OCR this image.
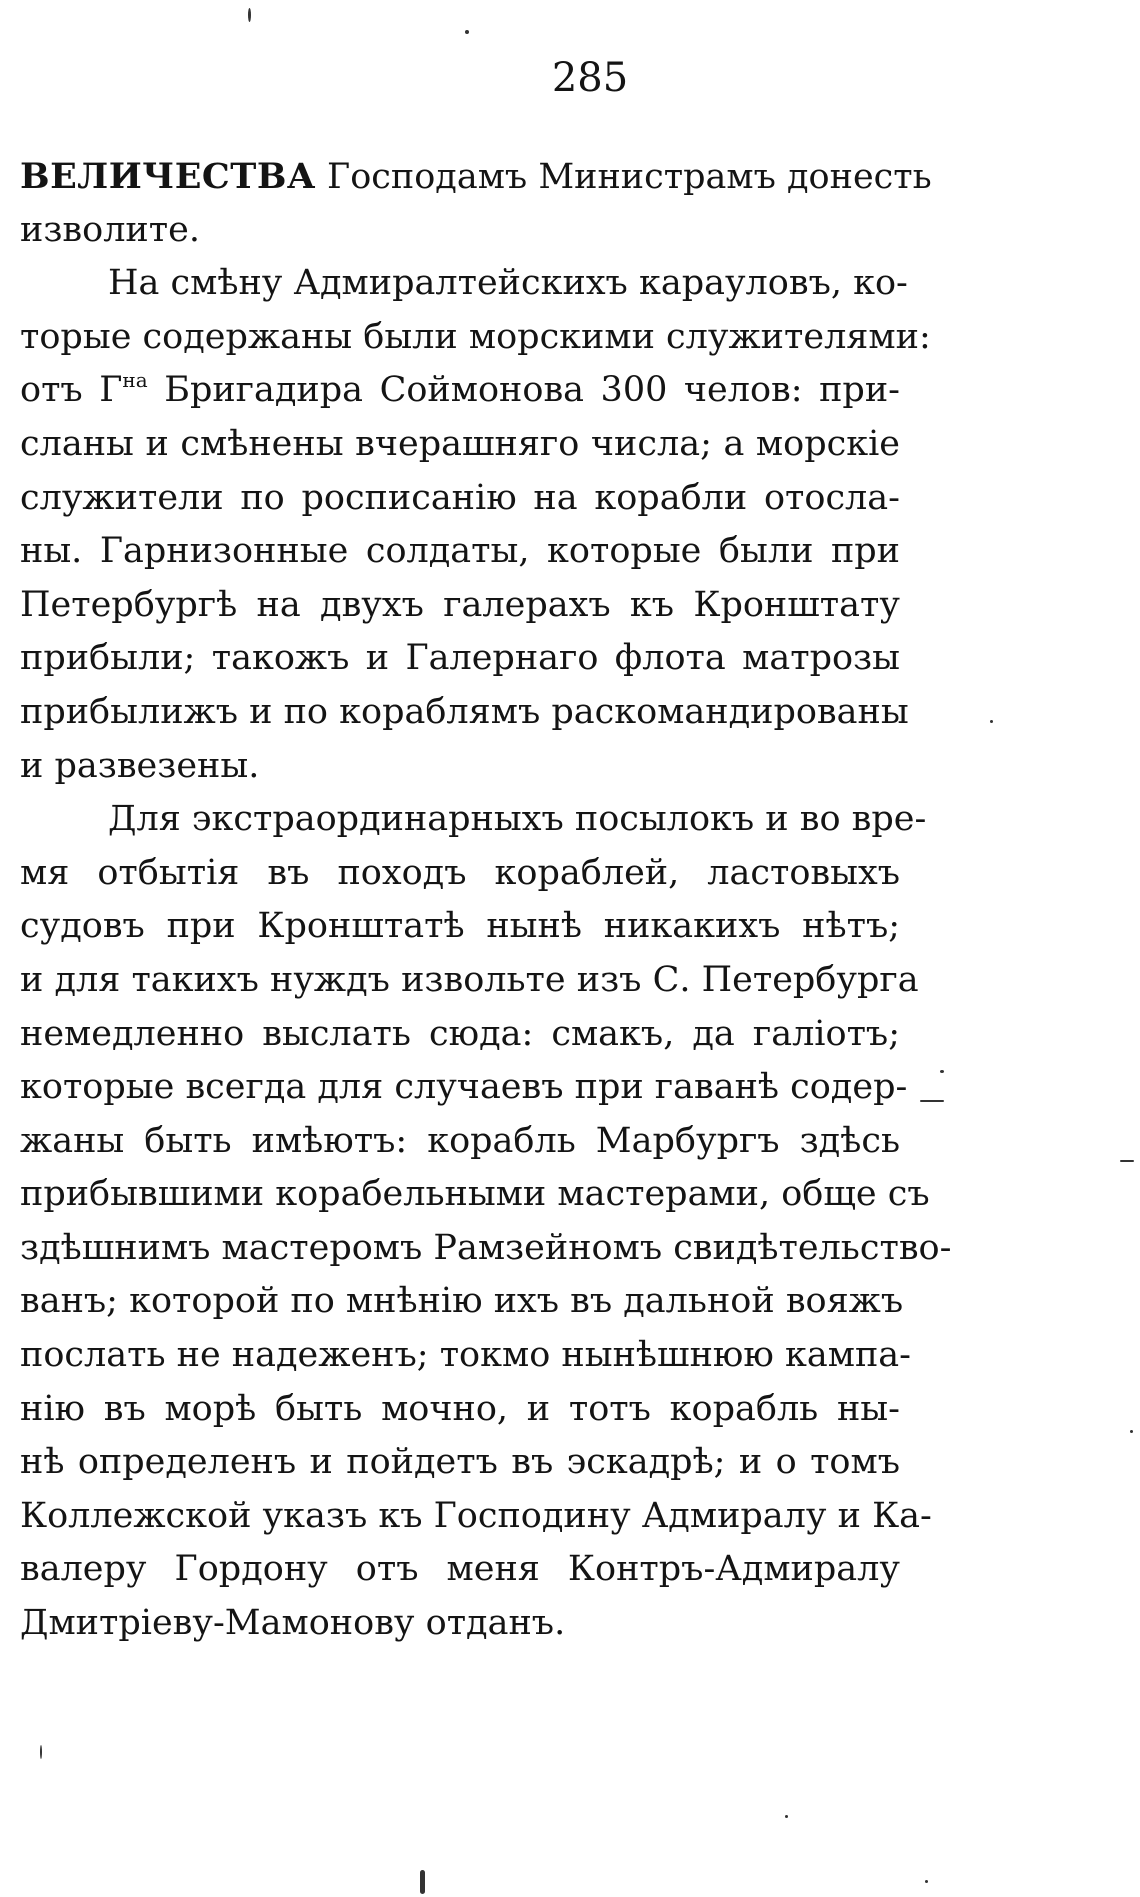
285
ВЕЛИЧЕСТВА Господамъ Министрамъ донесть
изволите.
На смѣну Адмиралтейскихъ карауловъ, ко-
торые содержаны были морскими служителями:
отъ $Г^{на}$ Бригадира Соймонова 300 челов: при-
сланы и смѣнены вчерашняго числа; а морскіе
служители по росписанію на корабли отосла-
ны. Гарнизонные солдаты, которые были при
Петербургѣ на двухъ галерахъ къ Кронштату
прибыли; такожъ и Галернаго флота матрозы
прибылижъ и по кораблямъ раскомандированы
и развезены.
Для экстраординарныхъ посылокъ и во вре-
мя отбытія въ походъ кораблей, ластовыхъ
судовъ при Кронштатѣ нынѣ никакихъ нѣтъ;
и для такихъ нуждъ извольте изъ С. Петербурга
немедленно выслать сюда: смакъ, да галіотъ;
которые всегда для случаевъ при гаванѣ содер-
жаны быть имѣютъ: корабль Марбургъ здѣсь
прибывшими корабельными мастерами, обще съ
здѣшнимъ мастеромъ Рамзейномъ свидѣтельство-
ванъ; которой по мнѣнію ихъ въ дальной вояжъ
послать не надеженъ; токмо нынѣшнюю кампа-
нію въ морѣ быть мочно, и тотъ корабль ны-
нѣ определенъ и пойдетъ въ эскадрѣ; и о томъ
Коллежской указъ къ Господину Адмиралу и Ка-
валеру Гордону отъ меня Контръ-Адмиралу
Дмитріеву-Мамонову отданъ.
